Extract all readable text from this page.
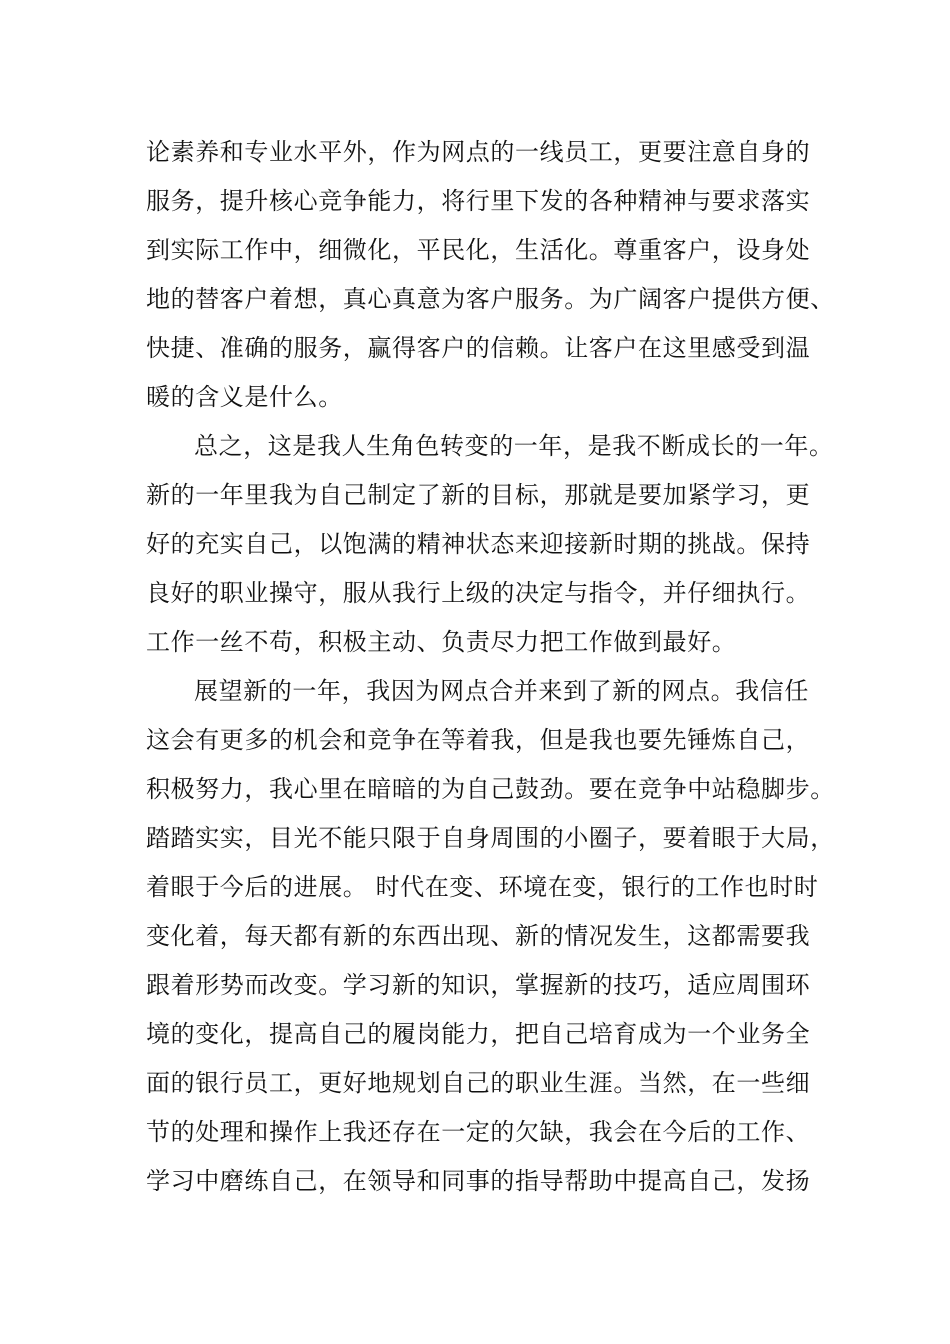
论素养和专业水平外，作为网点的一线员工，更要注意自身的
服务，提升核心竞争能力，将行里下发的各种精神与要求落实
到实际工作中，细微化，平民化，生活化。尊重客户，设身处
地的替客户着想，真心真意为客户服务。为广阔客户提供方便、
快捷、准确的服务，赢得客户的信赖。让客户在这里感受到温
暖的含义是什么。
总之，这是我人生角色转变的一年，是我不断成长的一年。
新的一年里我为自己制定了新的目标，那就是要加紧学习，更
好的充实自己，以饱满的精神状态来迎接新时期的挑战。保持
良好的职业操守，服从我行上级的决定与指令，并仔细执行。
工作一丝不苟，积极主动、负责尽力把工作做到最好。
展望新的一年，我因为网点合并来到了新的网点。我信任
这会有更多的机会和竞争在等着我，但是我也要先锤炼自己，
积极努力，我心里在暗暗的为自己鼓劲。要在竞争中站稳脚步。
踏踏实实，目光不能只限于自身周围的小圈子，要着眼于大局，
着眼于今后的进展。 时代在变、环境在变，银行的工作也时时
变化着，每天都有新的东西出现、新的情况发生，这都需要我
跟着形势而改变。学习新的知识，掌握新的技巧，适应周围环
境的变化，提高自己的履岗能力，把自己培育成为一个业务全
面的银行员工，更好地规划自己的职业生涯。当然，在一些细
节的处理和操作上我还存在一定的欠缺，我会在今后的工作、
学习中磨练自己，在领导和同事的指导帮助中提高自己，发扬
